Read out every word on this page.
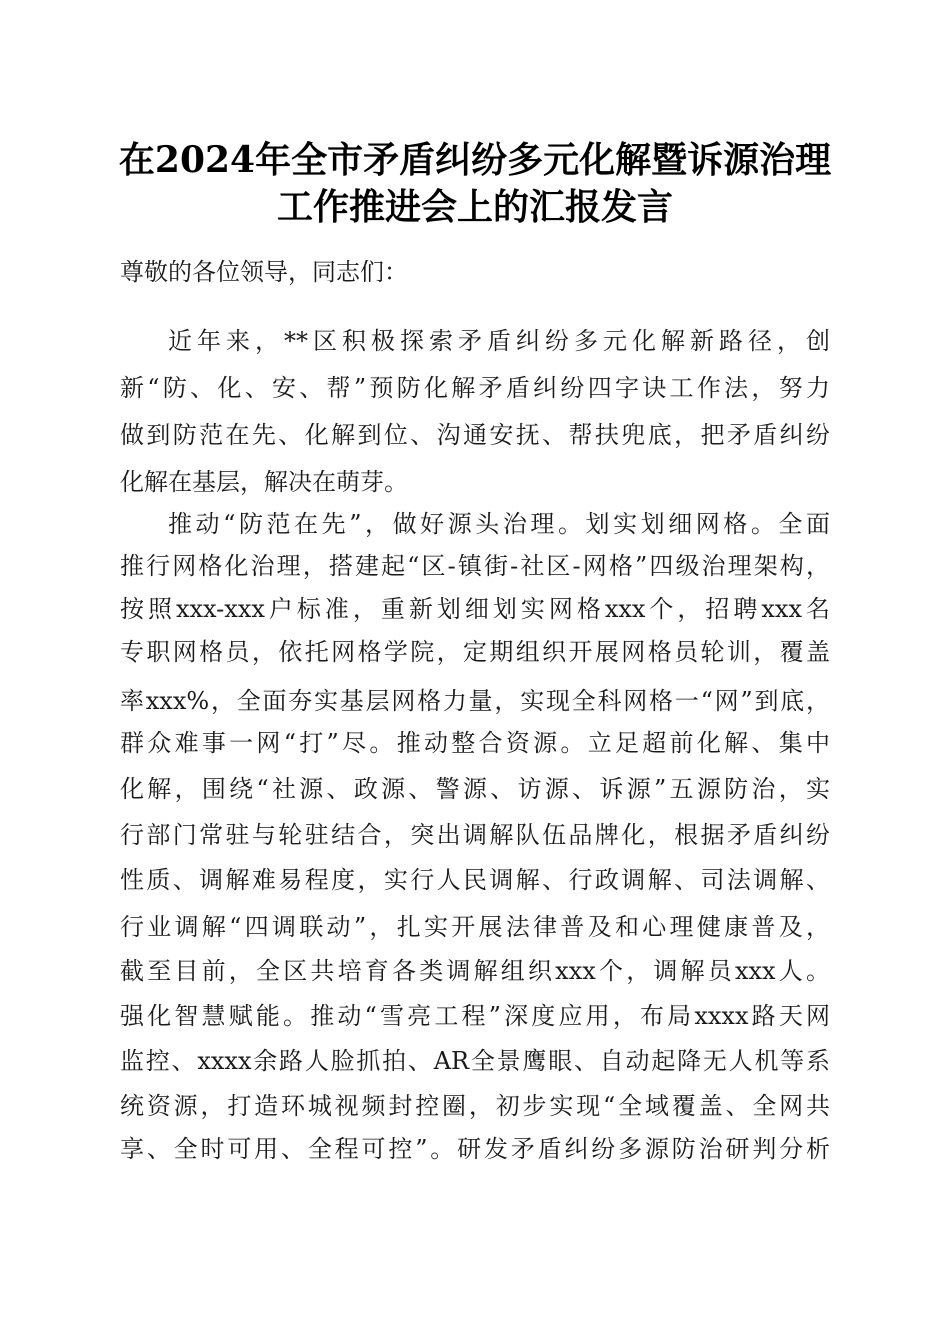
在2024年全市矛盾纠纷多元化解暨诉源治理
工作推进会上的汇报发言
尊敬的各位领导，同志们：
近年来，**区积极探索矛盾纠纷多元化解新路径，创
新“防、化、安、帮”预防化解矛盾纠纷四字诀工作法，努力
做到防范在先、化解到位、沟通安抚、帮扶兜底，把矛盾纠纷
化解在基层，解决在萌芽。
推动“防范在先”，做好源头治理。划实划细网格。全面
推行网格化治理，搭建起“区-镇街-社区-网格”四级治理架构，
按照xxx-xxx户标准，重新划细划实网格xxx个，招聘xxx名
专职网格员，依托网格学院，定期组织开展网格员轮训，覆盖
率xxx%，全面夯实基层网格力量，实现全科网格一“网”到底，
群众难事一网“打”尽。推动整合资源。立足超前化解、集中
化解，围绕“社源、政源、警源、访源、诉源”五源防治，实
行部门常驻与轮驻结合，突出调解队伍品牌化，根据矛盾纠纷
性质、调解难易程度，实行人民调解、行政调解、司法调解、
行业调解“四调联动”，扎实开展法律普及和心理健康普及，
截至目前，全区共培育各类调解组织xxx个，调解员xxx人。
强化智慧赋能。推动“雪亮工程”深度应用，布局xxxx路天网
监控、xxxx余路人脸抓拍、AR全景鹰眼、自动起降无人机等系
统资源，打造环城视频封控圈，初步实现“全域覆盖、全网共
享、全时可用、全程可控”。研发矛盾纠纷多源防治研判分析
